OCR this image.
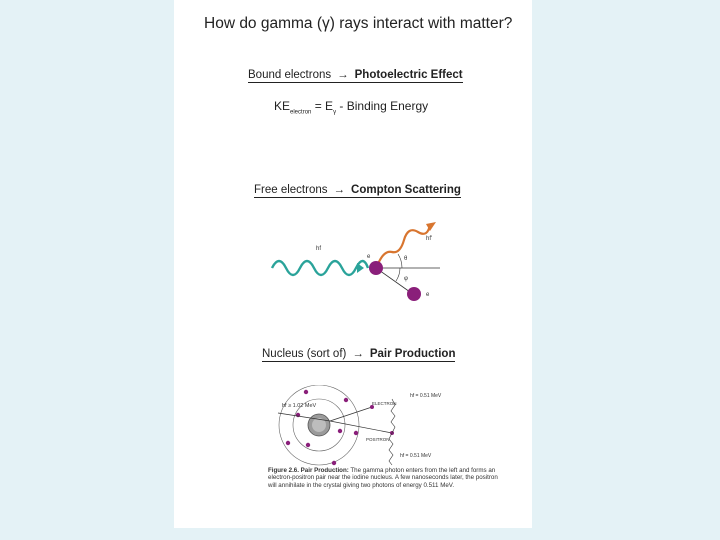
How do gamma (γ) rays interact with matter?
Bound electrons → Photoelectric Effect
$KE_{electron} = E_\gamma$ - Binding Energy
Free electrons → Compton Scattering
hf
hf'
e	θ
φ
e
Nucleus (sort of) → Pair Production
hf ≥ 1.02 MeV	ELECTRON
POSITRON
hf = 0.51 MeV
hf = 0.51 MeV
Figure 2.6. Pair Production: The gamma photon enters from the left and forms an electron-positron pair near the iodine nucleus. A few nanoseconds later, the positron will annihilate in the crystal giving two photons of energy 0.511 MeV.
